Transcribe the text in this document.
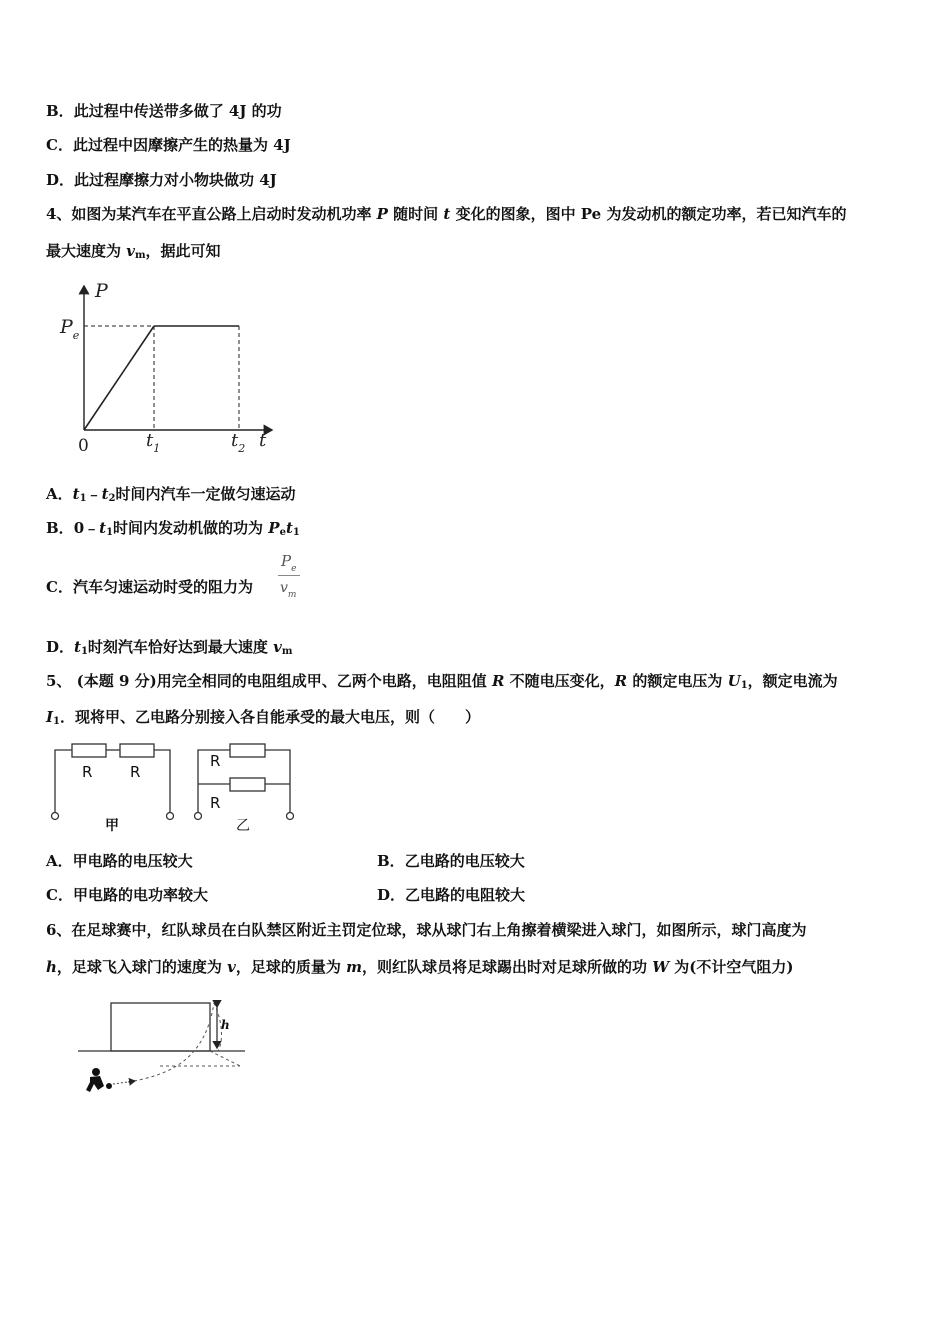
B．此过程中传送带多做了 4J 的功
C．此过程中因摩擦产生的热量为 4J
D．此过程摩擦力对小物块做功 4J
4、如图为某汽车在平直公路上启动时发动机功率 P 随时间 t 变化的图象，图中 Pe 为发动机的额定功率，若已知汽车的
最大速度为 $v_m$，据此可知
P
$P_e$
0	$t_1$	$t_2$ t
A．$t_1﹣t_2$时间内汽车一定做匀速运动
B．$0﹣t_1$时间内发动机做的功为 $P_et_1$
C．汽车匀速运动时受的阻力为
$P_e$
$v_m$
D．$t_1$时刻汽车恰好达到最大速度 $v_m$
5、 (本题 9 分)用完全相同的电阻组成甲、乙两个电路，电阻阻值 R 不随电压变化，R 的额定电压为 $U_1$，额定电流为
$I_1$．现将甲、乙电路分别接入各自能承受的最大电压，则（　　）
R	R
甲
R
R
乙
A．甲电路的电压较大	B．乙电路的电压较大
C．甲电路的电功率较大	D．乙电路的电阻较大
6、在足球赛中，红队球员在白队禁区附近主罚定位球，球从球门右上角擦着横梁进入球门，如图所示，球门高度为
h，足球飞入球门的速度为 v，足球的质量为 m，则红队球员将足球踢出时对足球所做的功 W 为(不计空气阻力)
h
